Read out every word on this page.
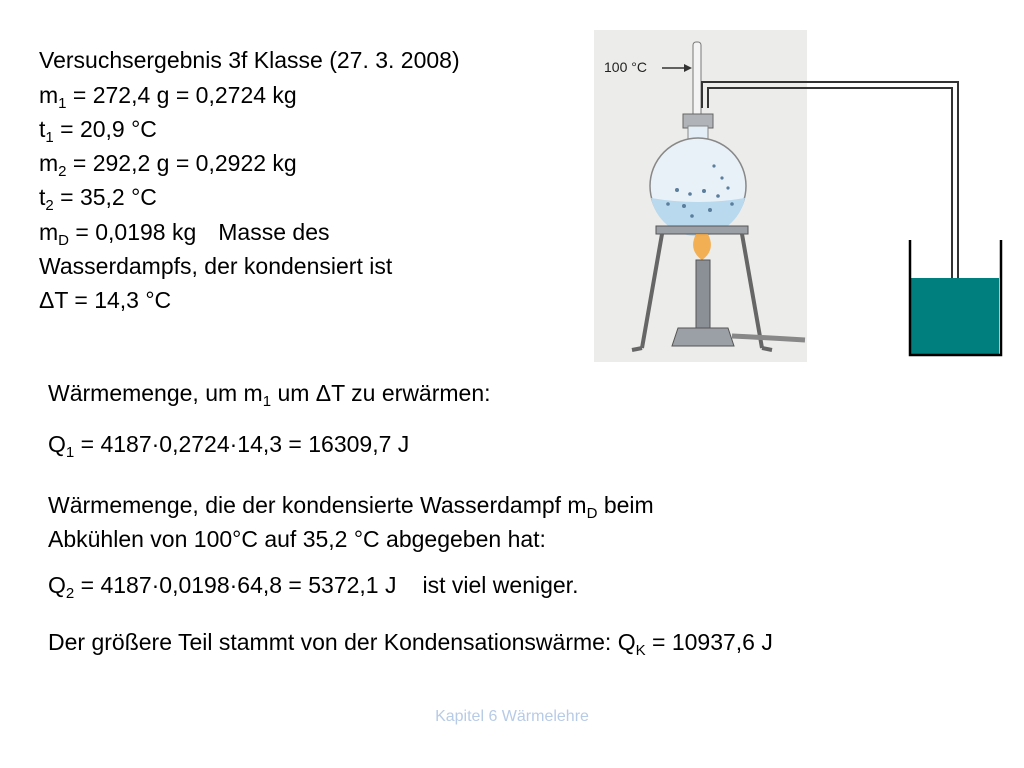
Versuchsergebnis 3f Klasse (27. 3. 2008)
$m_1 = 272,4$ g = 0,2724 kg
$t_1 = 20,9$ °C
$m_2 = 292,2$ g = 0,2922 kg
$t_2 = 35,2$ °C
$m_D = 0,0198$ kg Masse des
Wasserdampfs, der kondensiert ist
ΔT = 14,3 °C
100 °C
Wärmemenge, um $m_1$ um ΔT zu erwärmen:
$Q_1 = 4187\cdot 0,2724\cdot 14,3 = 16309,7$ J
Wärmemenge, die der kondensierte Wasserdampf $m_D$ beim
Abkühlen von 100°C auf 35,2 °C abgegeben hat:
$Q_2 = 4187\cdot 0,0198\cdot 64,8 = 5372,1$ J ist viel weniger.
Der größere Teil stammt von der Kondensationswärme: $Q_K = 10937,6$ J
Kapitel 6 Wärmelehre
